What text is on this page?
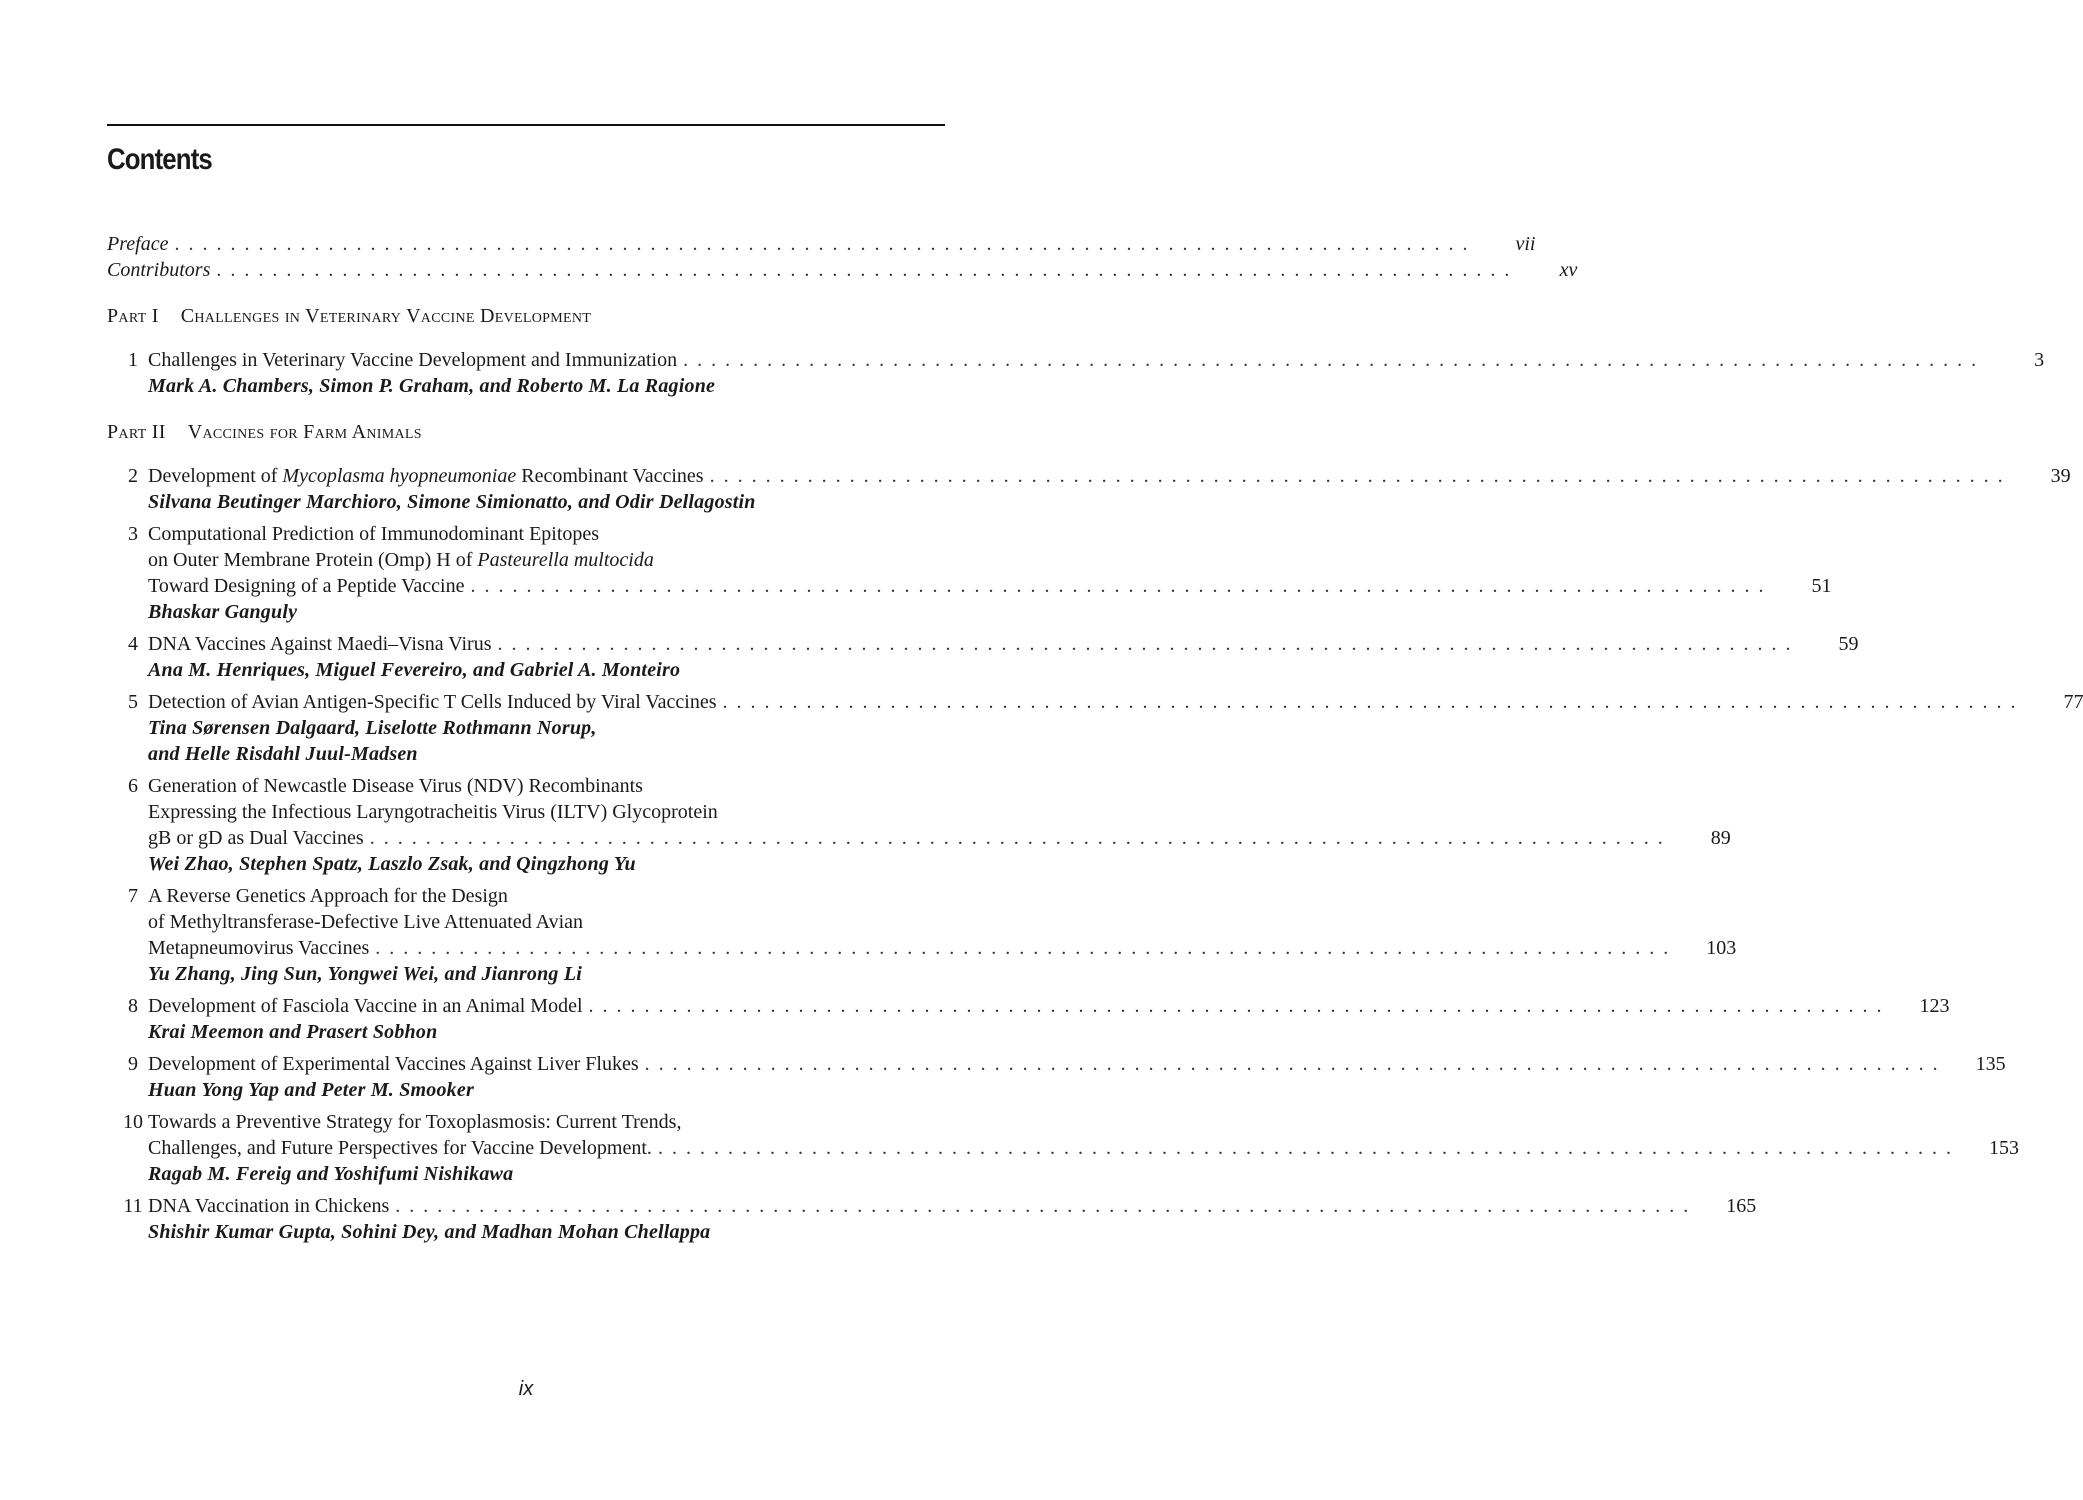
Contents
Preface . . .	vii
Contributors . . .	xv
Part I Challenges in Veterinary Vaccine Development
1 Challenges in Veterinary Vaccine Development and Immunization . . .	3
Mark A. Chambers, Simon P. Graham, and Roberto M. La Ragione
Part II Vaccines for Farm Animals
2 Development of Mycoplasma hyopneumoniae Recombinant Vaccines . . .	39
Silvana Beutinger Marchioro, Simone Simionatto, and Odir Dellagostin
3 Computational Prediction of Immunodominant Epitopes
on Outer Membrane Protein (Omp) H of Pasteurella multocida
Toward Designing of a Peptide Vaccine . . .	51
Bhaskar Ganguly
4 DNA Vaccines Against Maedi–Visna Virus . . .	59
Ana M. Henriques, Miguel Fevereiro, and Gabriel A. Monteiro
5 Detection of Avian Antigen-Specific T Cells Induced by Viral Vaccines . . .	77
Tina Sørensen Dalgaard, Liselotte Rothmann Norup,
and Helle Risdahl Juul-Madsen
6 Generation of Newcastle Disease Virus (NDV) Recombinants
Expressing the Infectious Laryngotracheitis Virus (ILTV) Glycoprotein
gB or gD as Dual Vaccines . . .	89
Wei Zhao, Stephen Spatz, Laszlo Zsak, and Qingzhong Yu
7 A Reverse Genetics Approach for the Design
of Methyltransferase-Defective Live Attenuated Avian
Metapneumovirus Vaccines . . .	103
Yu Zhang, Jing Sun, Yongwei Wei, and Jianrong Li
8 Development of Fasciola Vaccine in an Animal Model . . .	123
Krai Meemon and Prasert Sobhon
9 Development of Experimental Vaccines Against Liver Flukes . . .	135
Huan Yong Yap and Peter M. Smooker
10 Towards a Preventive Strategy for Toxoplasmosis: Current Trends,
Challenges, and Future Perspectives for Vaccine Development. . . .	153
Ragab M. Fereig and Yoshifumi Nishikawa
11 DNA Vaccination in Chickens . . .	165
Shishir Kumar Gupta, Sohini Dey, and Madhan Mohan Chellappa
ix
